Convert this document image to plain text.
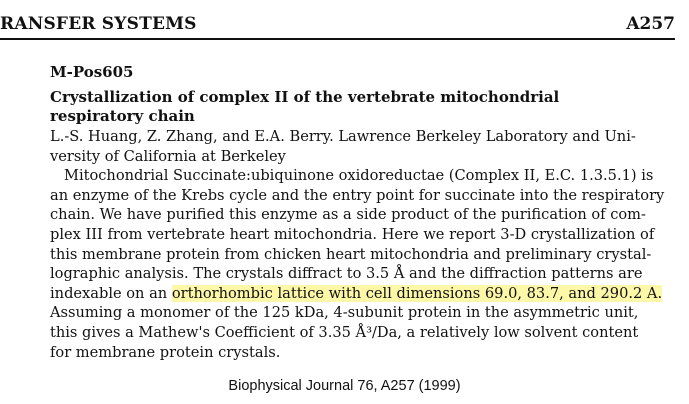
RANSFER SYSTEMS	A257
M-Pos605
Crystallization of complex II of the vertebrate mitochondrial
respiratory chain
L.-S. Huang, Z. Zhang, and E.A. Berry. Lawrence Berkeley Laboratory and Uni-
versity of California at Berkeley
Mitochondrial Succinate:ubiquinone oxidoreductae (Complex II, E.C. 1.3.5.1) is
an enzyme of the Krebs cycle and the entry point for succinate into the respiratory
chain. We have purified this enzyme as a side product of the purification of com-
plex III from vertebrate heart mitochondria. Here we report 3-D crystallization of
this membrane protein from chicken heart mitochondria and preliminary crystal-
lographic analysis. The crystals diffract to 3.5 Å and the diffraction patterns are
indexable on an orthorhombic lattice with cell dimensions 69.0, 83.7, and 290.2 A.
Assuming a monomer of the 125 kDa, 4-subunit protein in the asymmetric unit,
this gives a Mathew's Coefficient of 3.35 Å³/Da, a relatively low solvent content
for membrane protein crystals.
Biophysical Journal 76, A257 (1999)
